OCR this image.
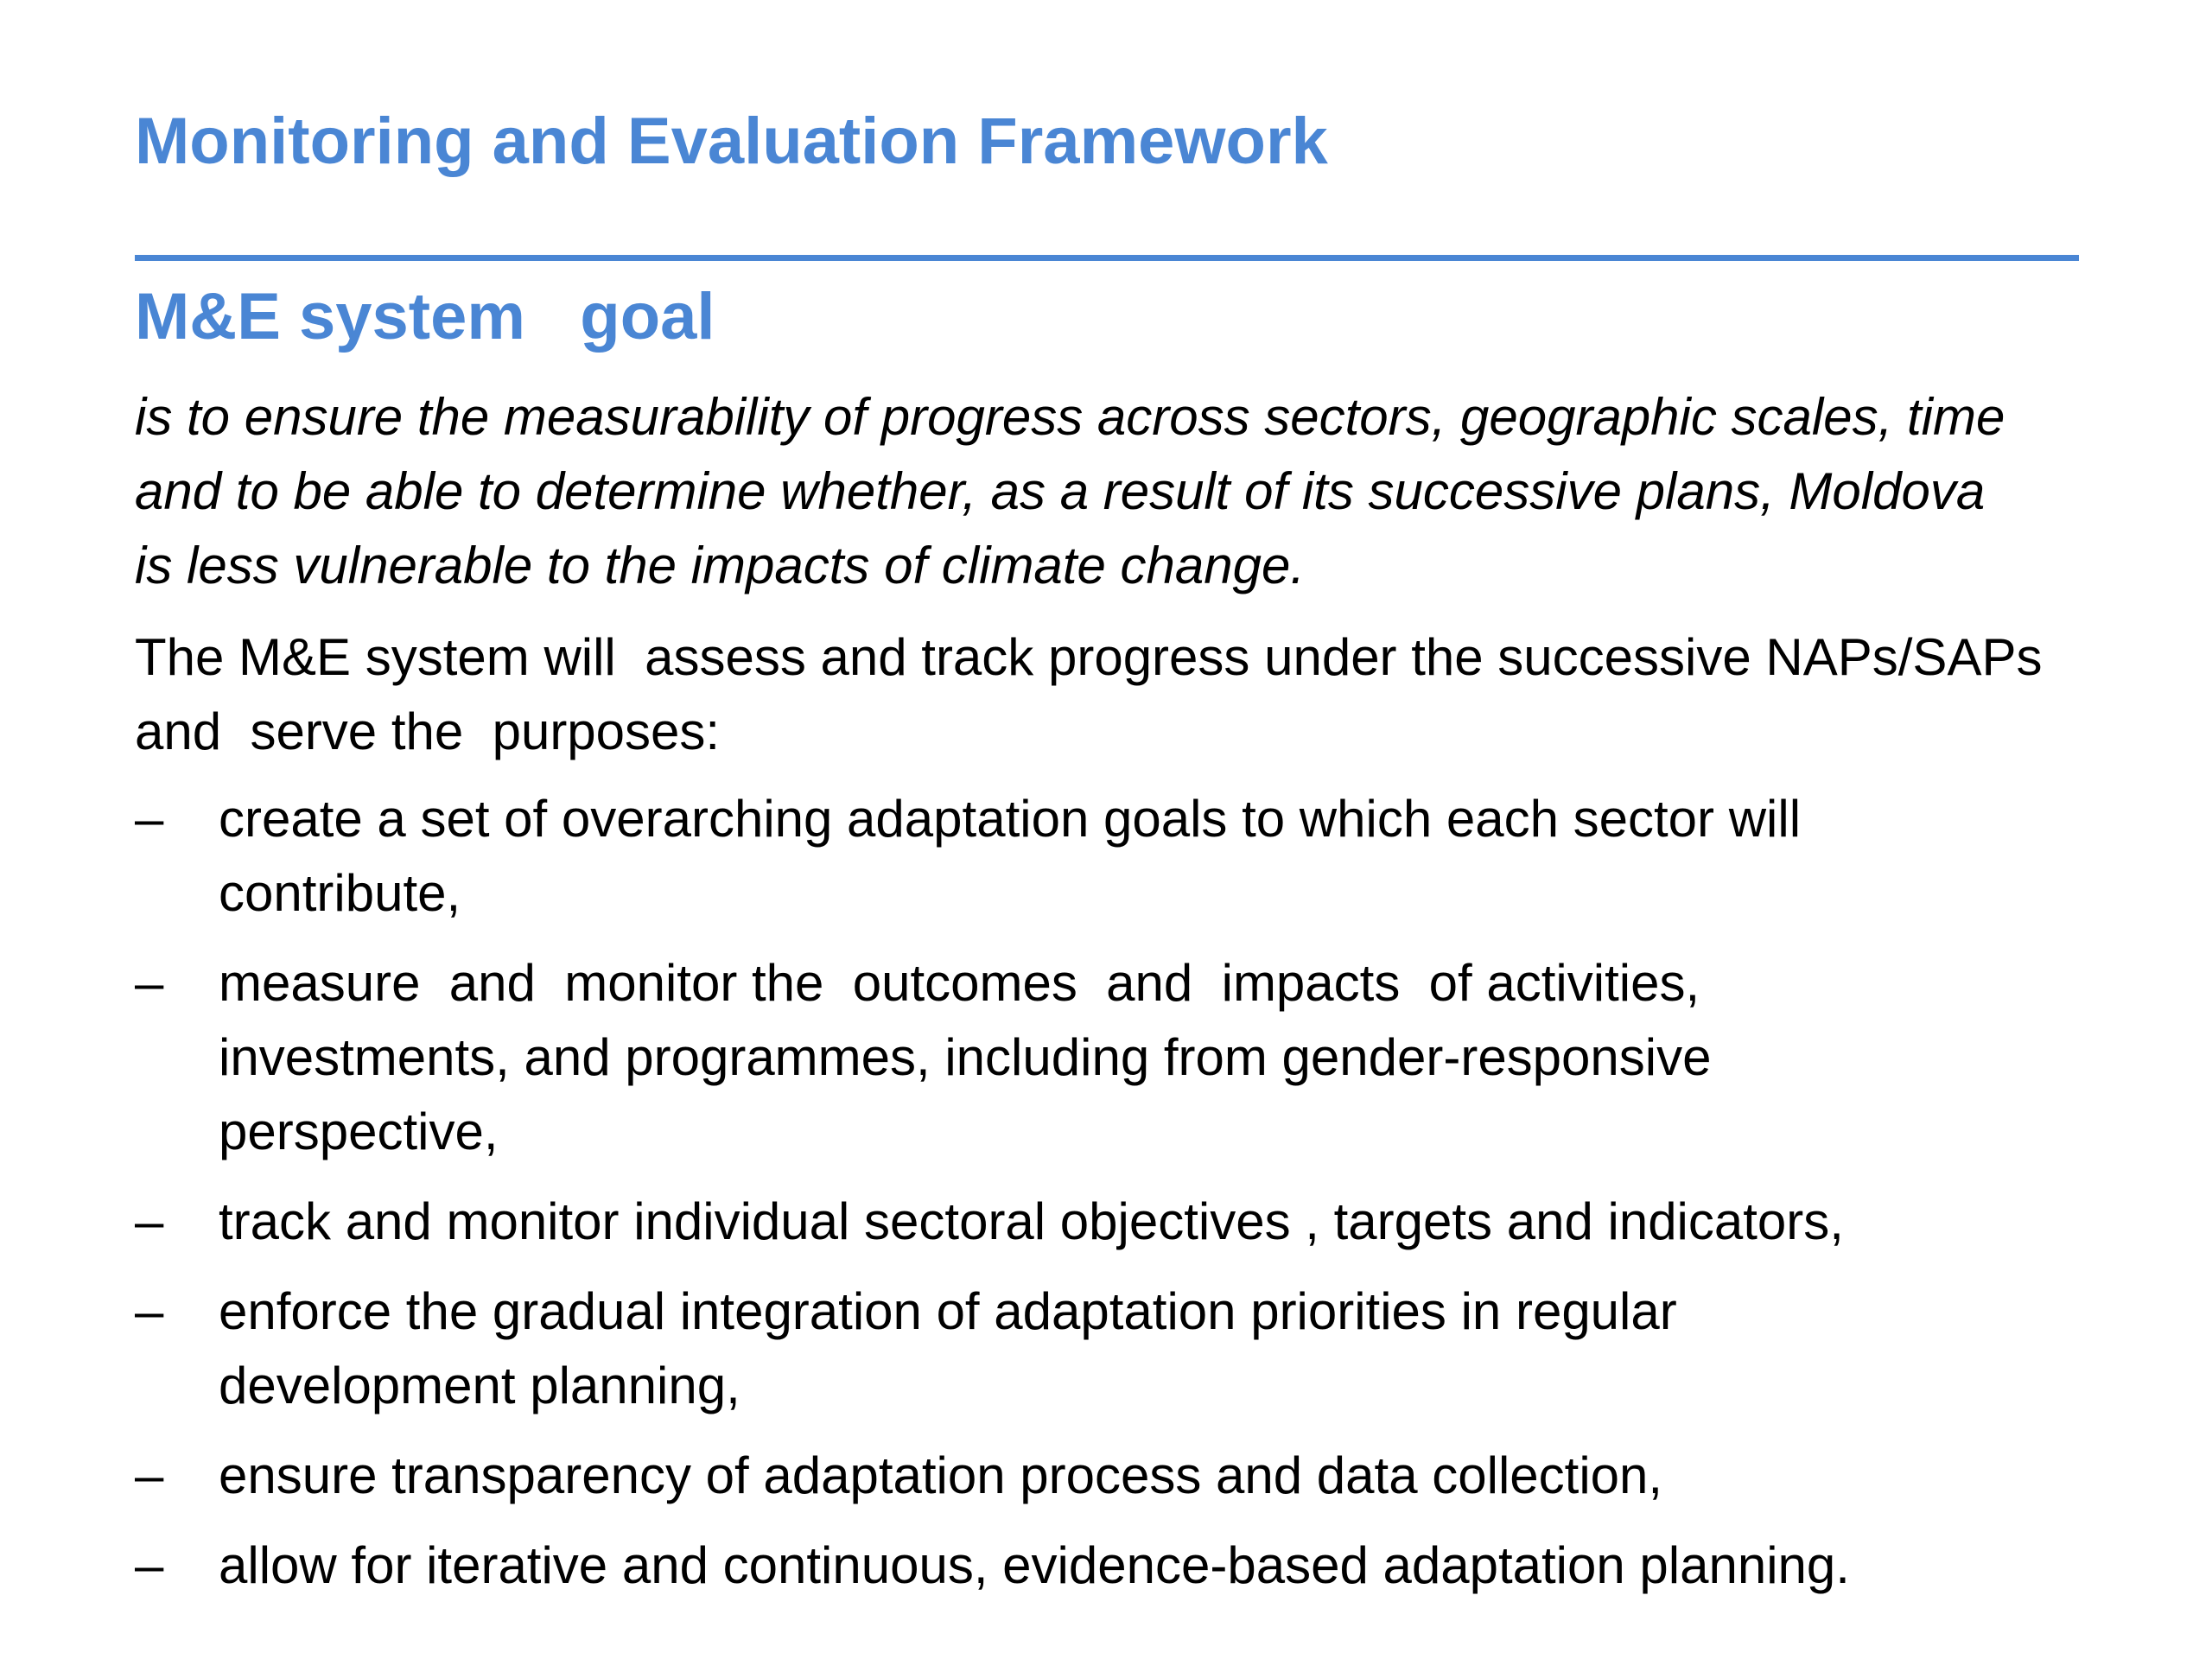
Monitoring and Evaluation Framework
M&E system   goal

is to ensure the measurability of progress across sectors, geographic scales, time
and to be able to determine whether, as a result of its successive plans, Moldova
is less vulnerable to the impacts of climate change.

The M&E system will  assess and track progress under the successive NAPs/SAPs
and  serve the  purposes:

– create a set of overarching adaptation goals to which each sector will
contribute,
– measure  and  monitor the  outcomes  and  impacts  of activities,
investments, and programmes, including from gender-responsive
perspective,
– track and monitor individual sectoral objectives , targets and indicators,
– enforce the gradual integration of adaptation priorities in regular
development planning,
– ensure transparency of adaptation process and data collection,
– allow for iterative and continuous, evidence-based adaptation planning.
